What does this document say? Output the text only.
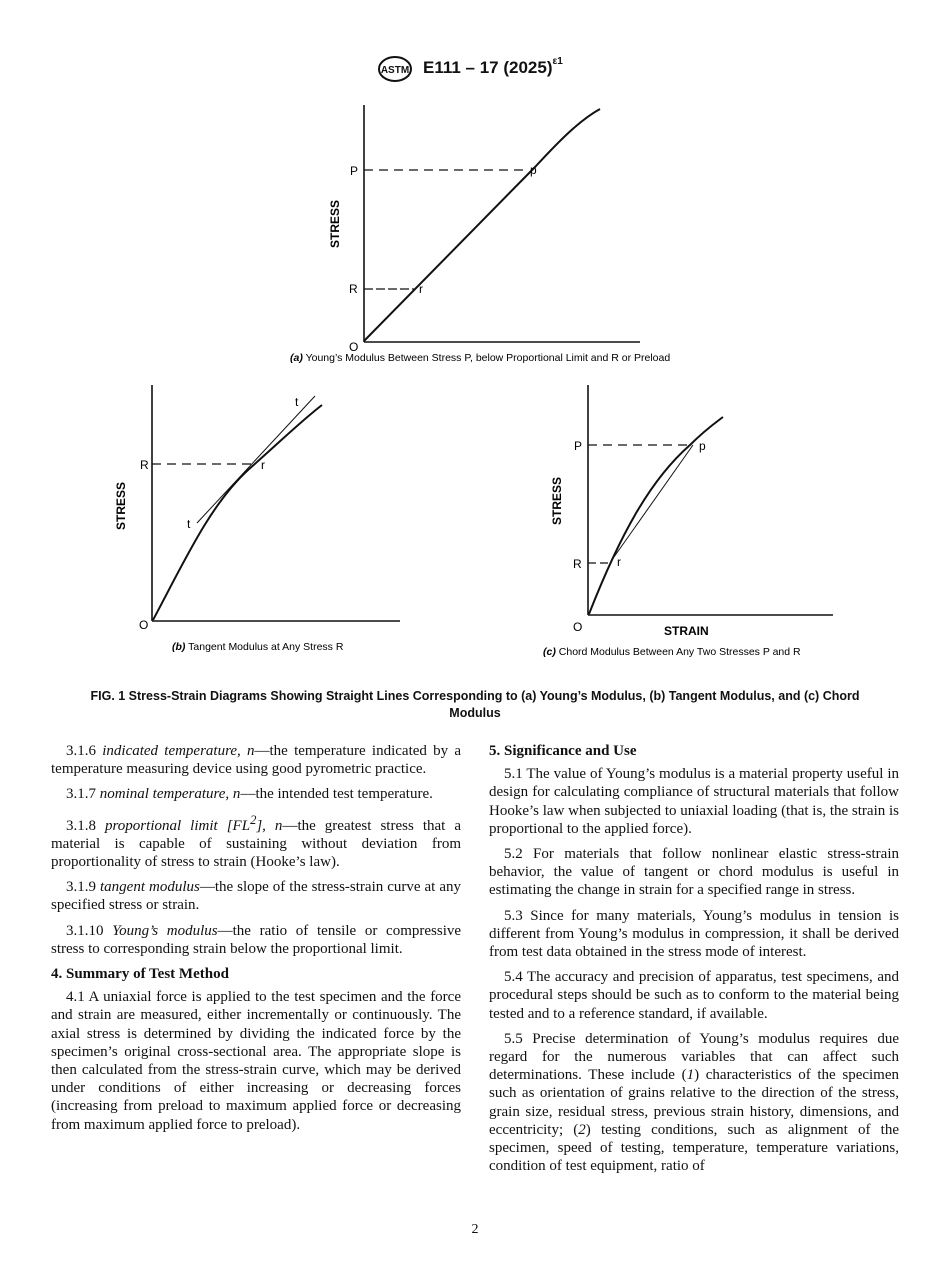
ASTM E111 – 17 $(2025)^{\varepsilon 1}$
P	p
R	r
O
STRESS
(a) Young’s Modulus Between Stress P, below Proportional Limit and R or Preload
R	r
t
t
O
STRESS
(b) Tangent Modulus at Any Stress R
P	p
R	r
O	STRAIN
STRESS
(c) Chord Modulus Between Any Two Stresses P and R
FIG. 1 Stress-Strain Diagrams Showing Straight Lines Corresponding to (a) Young’s Modulus, (b) Tangent Modulus, and (c) Chord
Modulus

3.1.6 indicated temperature, n—the temperature indicated by a temperature measuring device using good pyrometric practice.

3.1.7 nominal temperature, n—the intended test temperature.

3.1.8 proportional limit $[FL^2]$, n—the greatest stress that a material is capable of sustaining without deviation from proportionality of stress to strain (Hooke’s law).

3.1.9 tangent modulus—the slope of the stress-strain curve at any specified stress or strain.

3.1.10 Young’s modulus—the ratio of tensile or compressive stress to corresponding strain below the proportional limit.

4. Summary of Test Method

4.1 A uniaxial force is applied to the test specimen and the force and strain are measured, either incrementally or continuously. The axial stress is determined by dividing the indicated force by the specimen’s original cross-sectional area. The appropriate slope is then calculated from the stress-strain curve, which may be derived under conditions of either increasing or decreasing forces (increasing from preload to maximum applied force or decreasing from maximum applied force to preload).

5. Significance and Use

5.1 The value of Young’s modulus is a material property useful in design for calculating compliance of structural materials that follow Hooke’s law when subjected to uniaxial loading (that is, the strain is proportional to the applied force).

5.2 For materials that follow nonlinear elastic stress-strain behavior, the value of tangent or chord modulus is useful in estimating the change in strain for a specified range in stress.

5.3 Since for many materials, Young’s modulus in tension is different from Young’s modulus in compression, it shall be derived from test data obtained in the stress mode of interest.

5.4 The accuracy and precision of apparatus, test specimens, and procedural steps should be such as to conform to the material being tested and to a reference standard, if available.

5.5 Precise determination of Young’s modulus requires due regard for the numerous variables that can affect such determinations. These include (1) characteristics of the specimen such as orientation of grains relative to the direction of the stress, grain size, residual stress, previous strain history, dimensions, and eccentricity; (2) testing conditions, such as alignment of the specimen, speed of testing, temperature, temperature variations, condition of test equipment, ratio of

2
